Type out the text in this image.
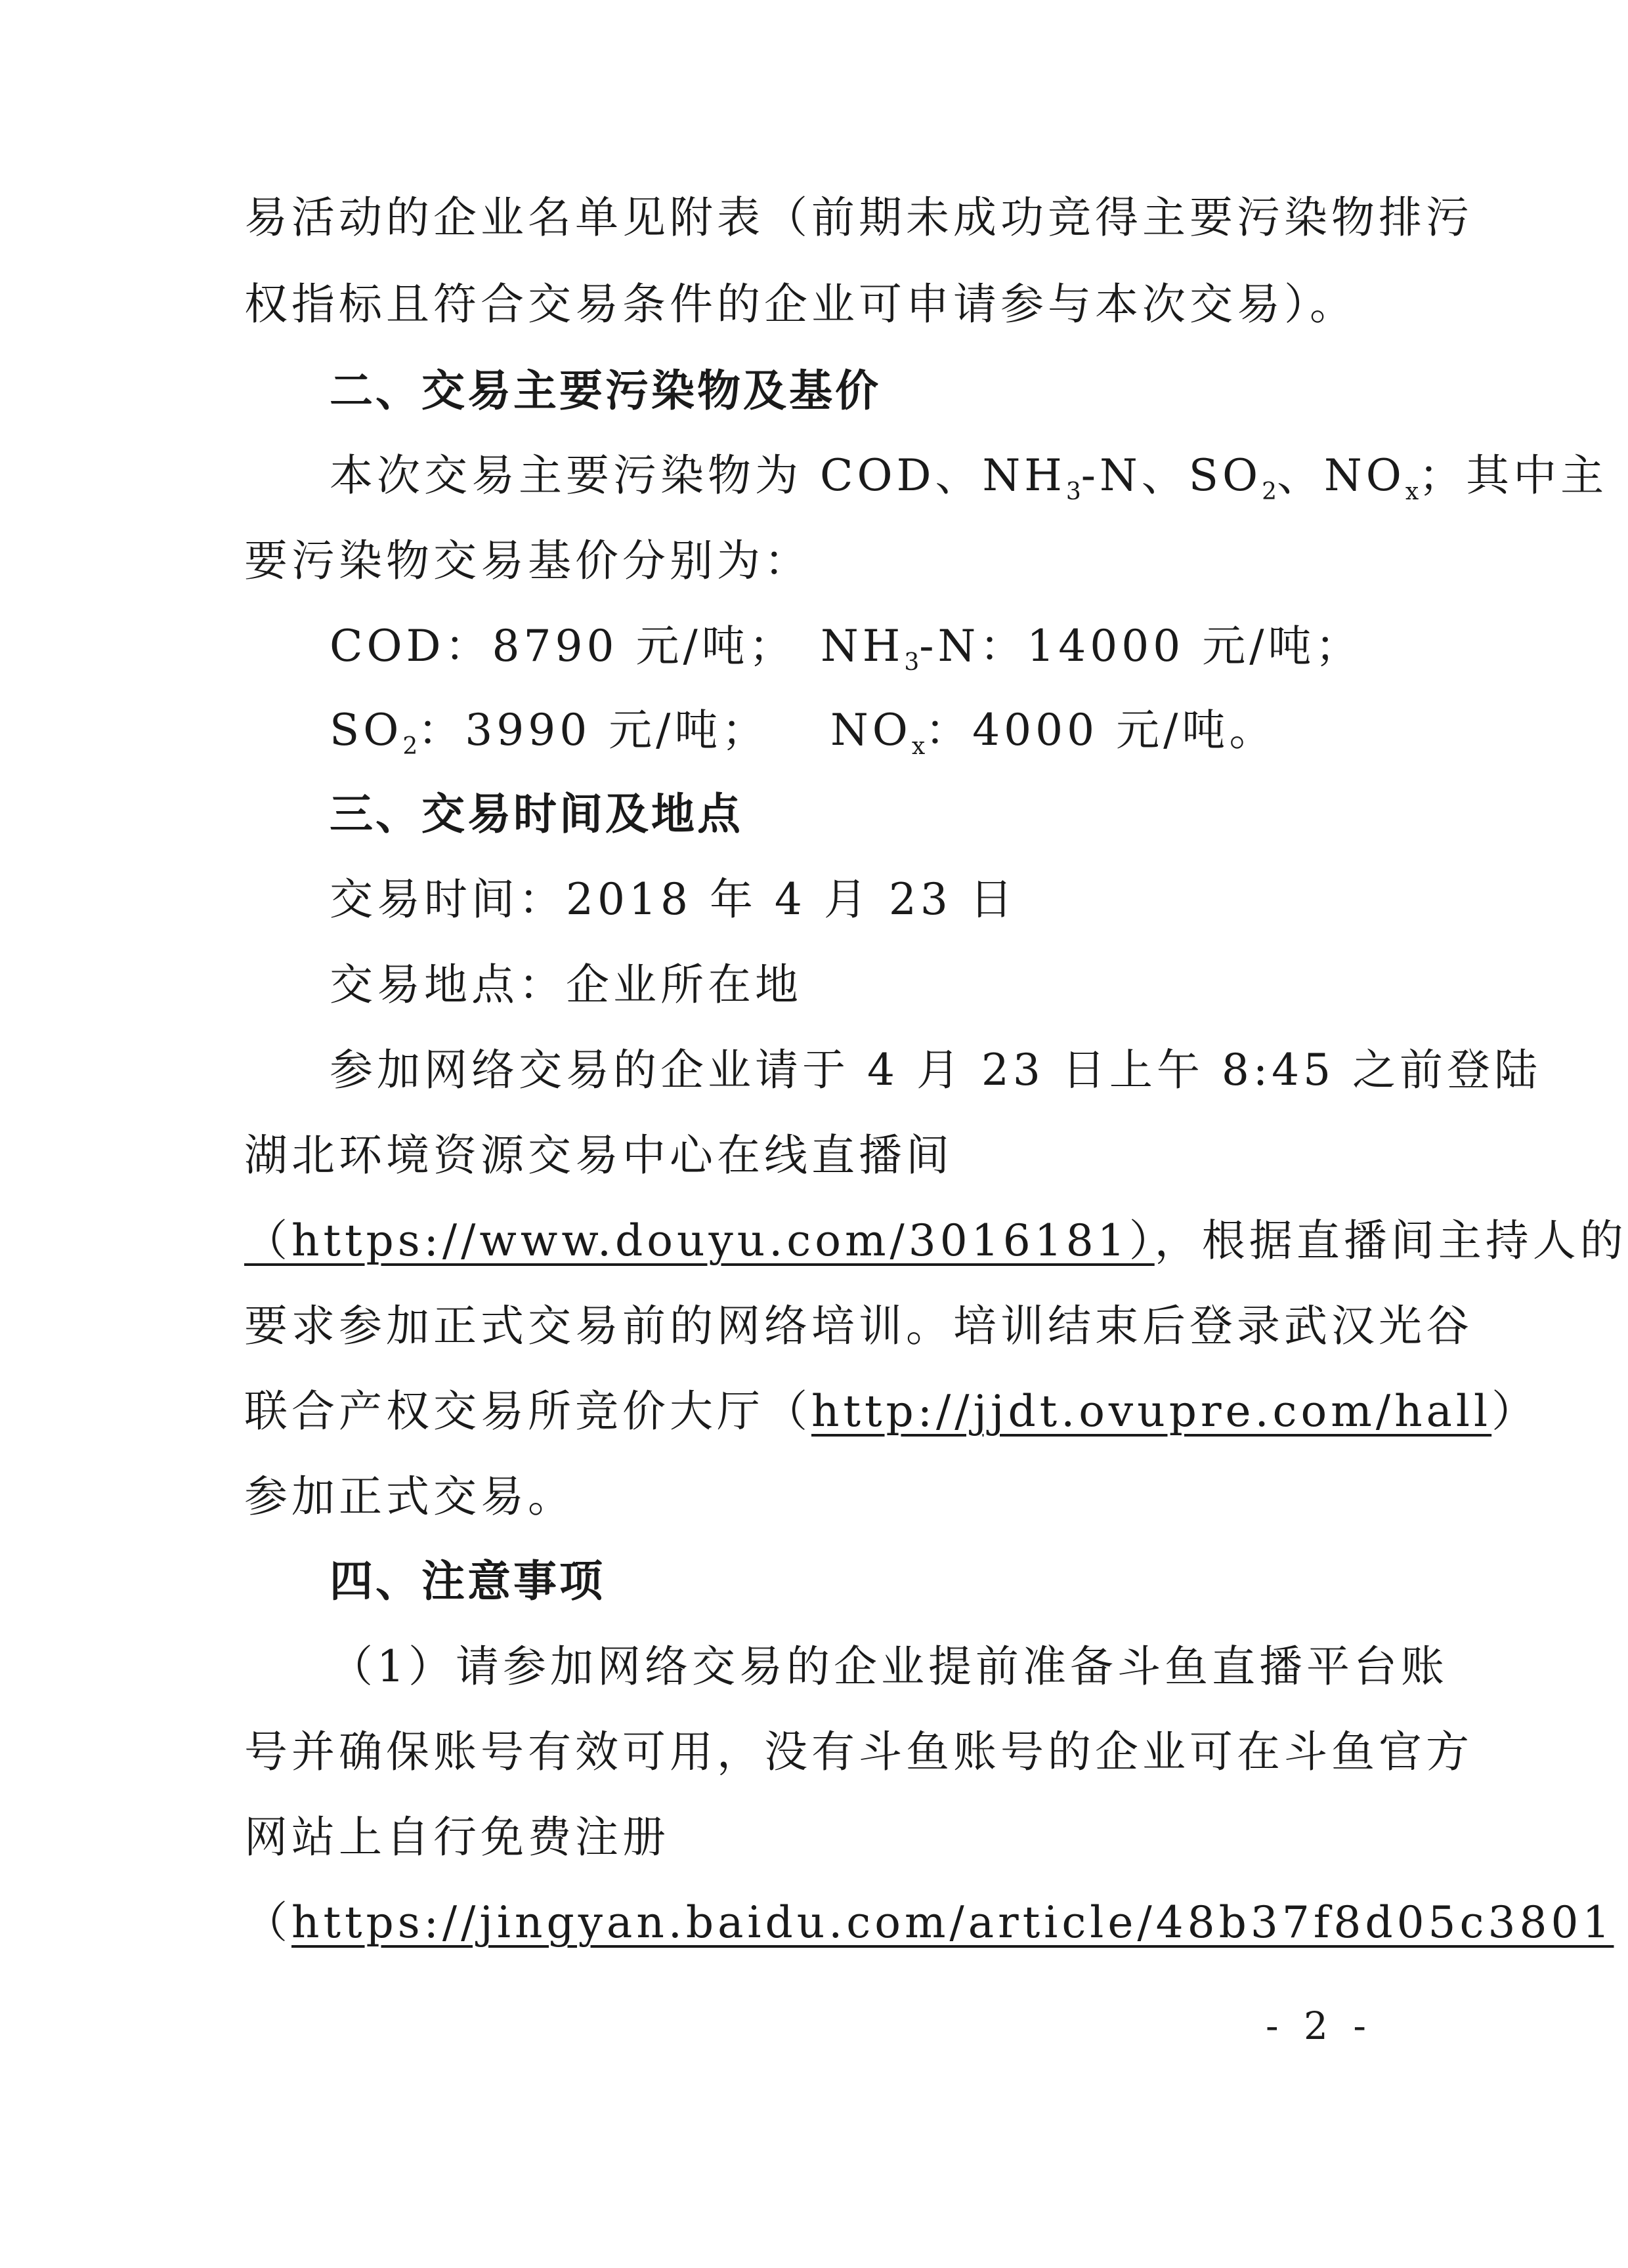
易活动的企业名单见附表（前期未成功竞得主要污染物排污
权指标且符合交易条件的企业可申请参与本次交易）。
二、交易主要污染物及基价
本次交易主要污染物为 COD、$NH_3-N$、$SO_2$、$NO_x$；其中主
要污染物交易基价分别为：
COD：8790 元/吨； $NH_3-N$：14000 元/吨；
$SO_2$：3990 元/吨； $NO_x$：4000 元/吨。
三、交易时间及地点
交易时间：2018 年 4 月 23 日
交易地点：企业所在地
参加网络交易的企业请于 4 月 23 日上午 8:45 之前登陆
湖北环境资源交易中心在线直播间
（https://www.douyu.com/3016181），根据直播间主持人的
要求参加正式交易前的网络培训。培训结束后登录武汉光谷
联合产权交易所竞价大厅（http://jjdt.ovupre.com/hall）
参加正式交易。
四、注意事项
（1）请参加网络交易的企业提前准备斗鱼直播平台账
号并确保账号有效可用，没有斗鱼账号的企业可在斗鱼官方
网站上自行免费注册
（https://jingyan.baidu.com/article/48b37f8d05c3801
- 2 -
